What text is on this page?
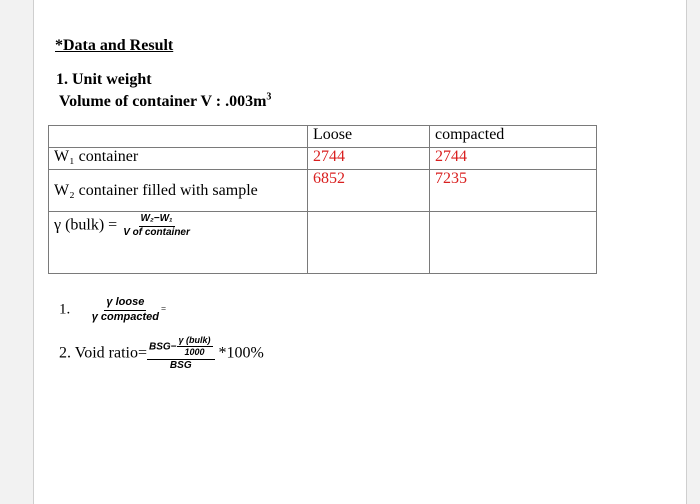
*Data and Result
1. Unit weight
Volume of container V : $.003m^3$
	Loose	compacted
W₁ container	2744	2744
W₂ container filled with sample	6852	7235

γ (bulk) = $\frac{\text{W₂−W₁}}{\text{V of container}}$

1. $\frac{\text{γ loose}}{\text{γ compacted}}$ =
2. Void ratio= $\frac{BSG- \frac{\text{γ (bulk)}}{1000}}{\text{BSG}} *100\%$
